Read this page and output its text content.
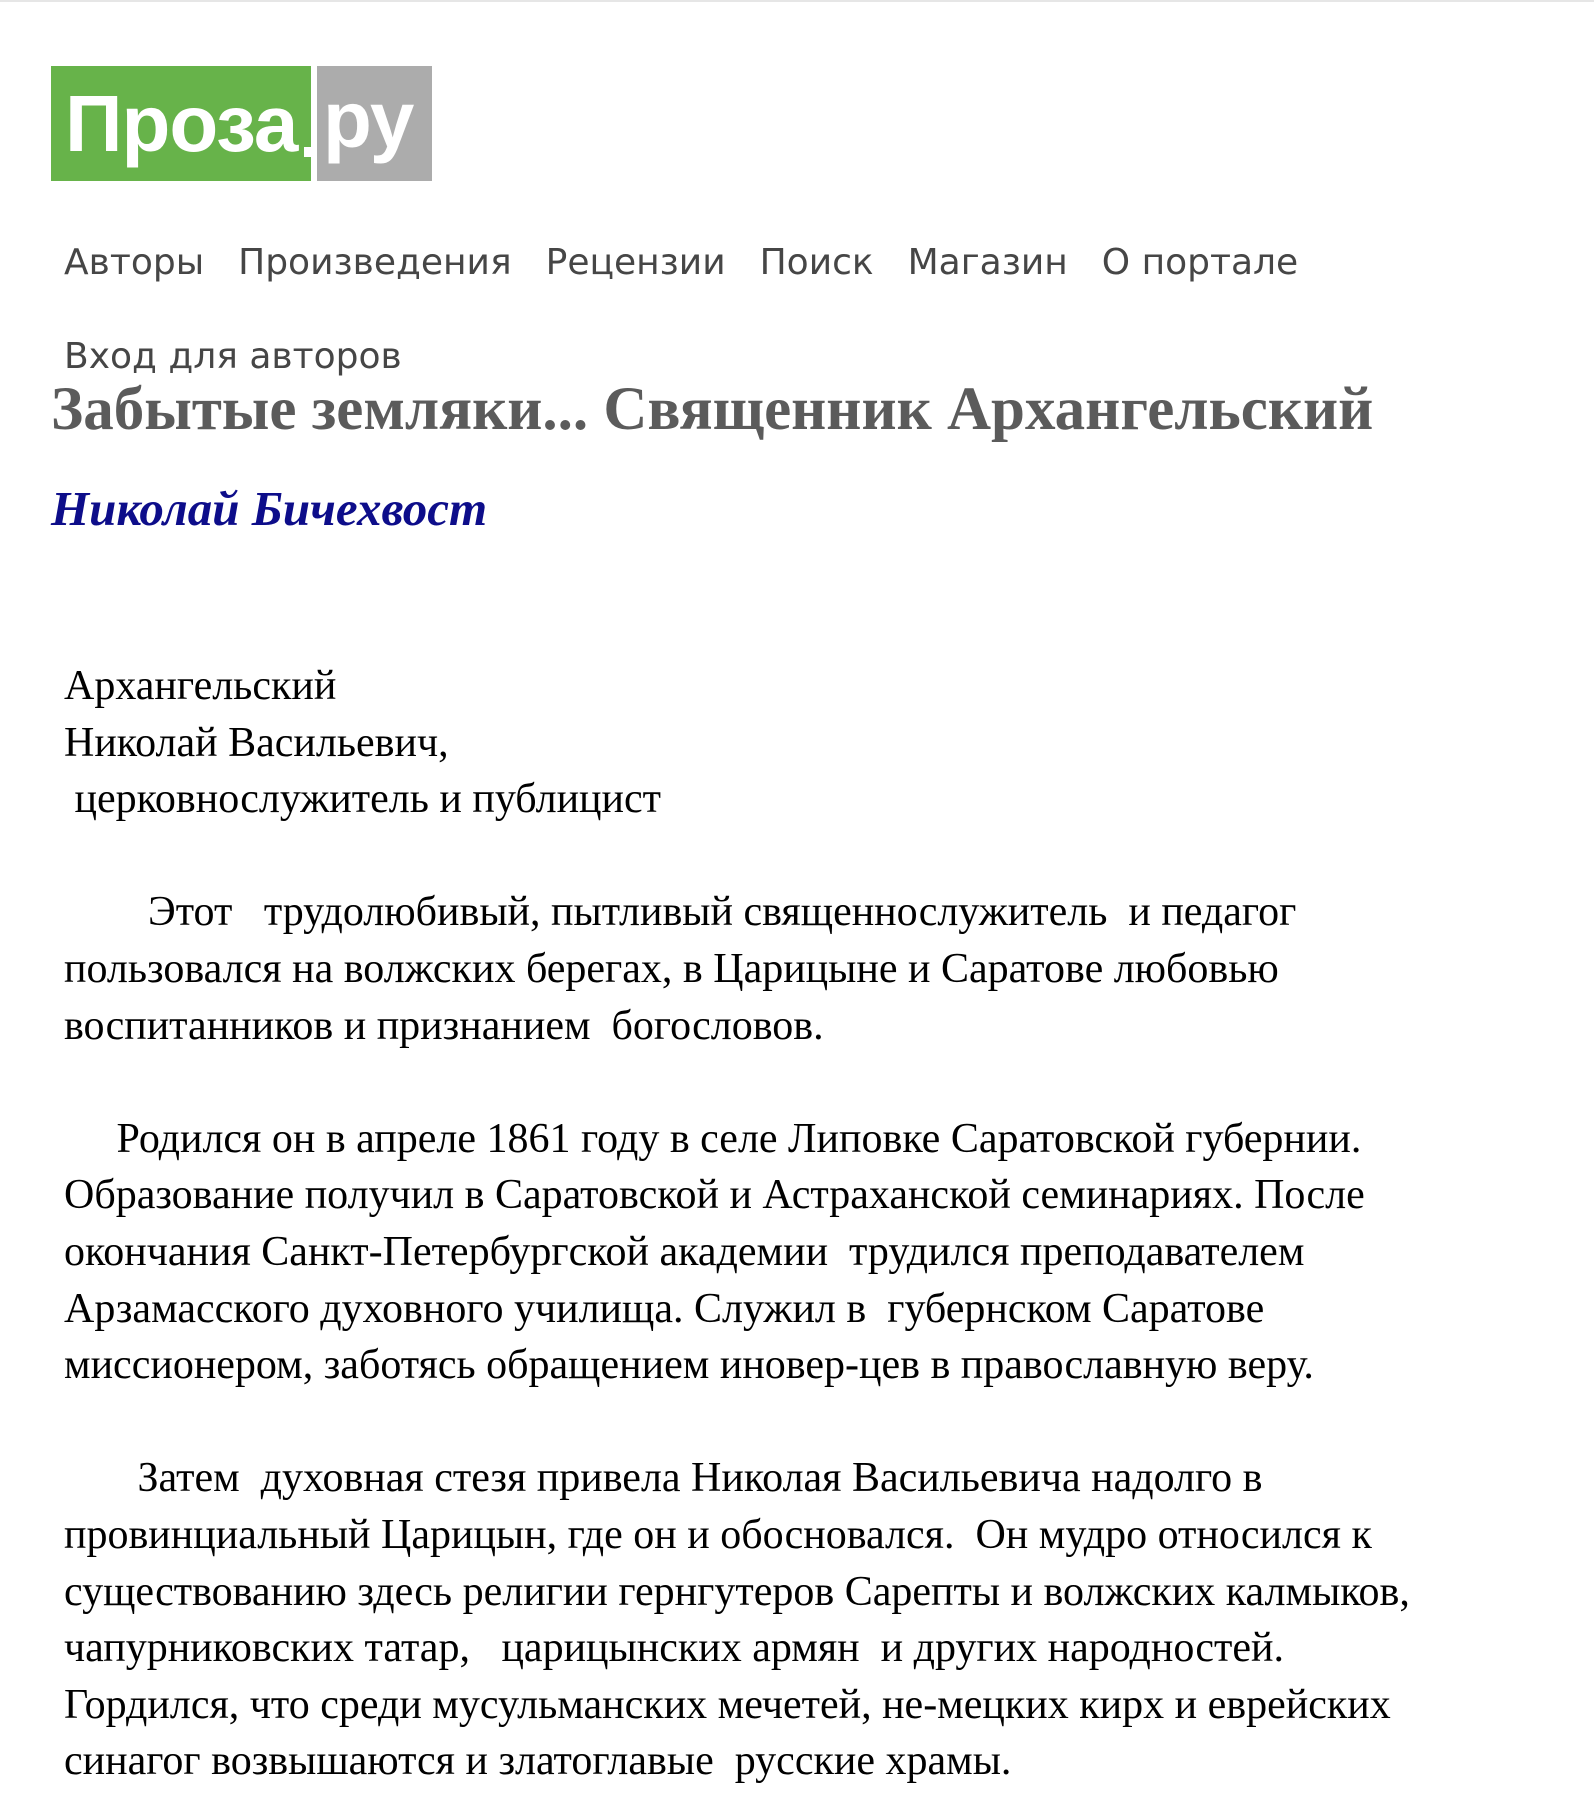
Проза ру
Авторы Произведения Рецензии Поиск Магазин О портале
Вход для авторов
Забытые земляки... Священник Архангельский
Николай Бичехвост
Архангельский
Николай Васильевич,
церковнослужитель и публицист

Этот   трудолюбивый, пытливый священнослужитель  и педагог
пользовался на волжских берегах, в Царицыне и Саратове любовью
воспитанников и признанием  богословов.

Родился он в апреле 1861 году в селе Липовке Саратовской губернии.
Образование получил в Саратовской и Астраханской семинариях. После
окончания Санкт-Петербургской академии  трудился преподавателем
Арзамасского духовного училища. Служил в  губернском Саратове
миссионером, заботясь обращением иновер-цев в православную веру.

Затем  духовная стезя привела Николая Васильевича надолго в
провинциальный Царицын, где он и обосновался.  Он мудро относился к
существованию здесь религии гернгутеров Сарепты и волжских калмыков,
чапурниковских татар,   царицынских армян  и других народностей.
Гордился, что среди мусульманских мечетей, не-мецких кирх и еврейских
синагог возвышаются и златоглавые  русские храмы.
